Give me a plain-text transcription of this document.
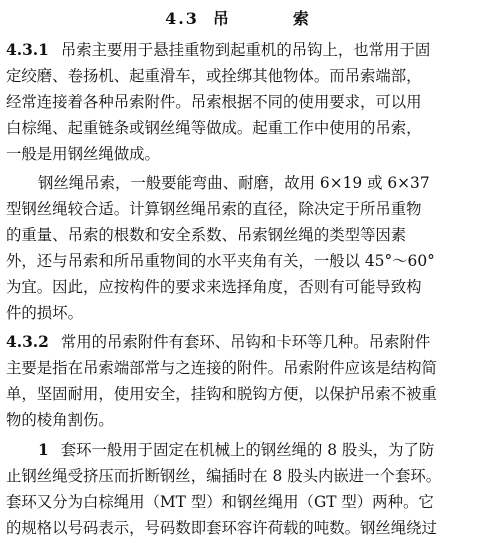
4.3 吊　索
4.3.1 吊索主要用于悬挂重物到起重机的吊钩上，也常用于固
定绞磨、卷扬机、起重滑车，或拴绑其他物体。而吊索端部，
经常连接着各种吊索附件。吊索根据不同的使用要求，可以用
白棕绳、起重链条或钢丝绳等做成。起重工作中使用的吊索，
一般是用钢丝绳做成。
钢丝绳吊索，一般要能弯曲、耐磨，故用 6×19 或 6×37
型钢丝绳较合适。计算钢丝绳吊索的直径，除决定于所吊重物
的重量、吊索的根数和安全系数、吊索钢丝绳的类型等因素
外，还与吊索和所吊重物间的水平夹角有关，一般以 45°～60°
为宜。因此，应按构件的要求来选择角度，否则有可能导致构
件的损坏。
4.3.2 常用的吊索附件有套环、吊钩和卡环等几种。吊索附件
主要是指在吊索端部常与之连接的附件。吊索附件应该是结构简
单，坚固耐用，使用安全，挂钩和脱钩方便，以保护吊索不被重
物的棱角割伤。
1 套环一般用于固定在机械上的钢丝绳的 8 股头，为了防
止钢丝绳受挤压而折断钢丝，编插时在 8 股头内嵌进一个套环。
套环又分为白棕绳用（MT 型）和钢丝绳用（GT 型）两种。它
的规格以号码表示，号码数即套环容许荷载的吨数。钢丝绳绕过
